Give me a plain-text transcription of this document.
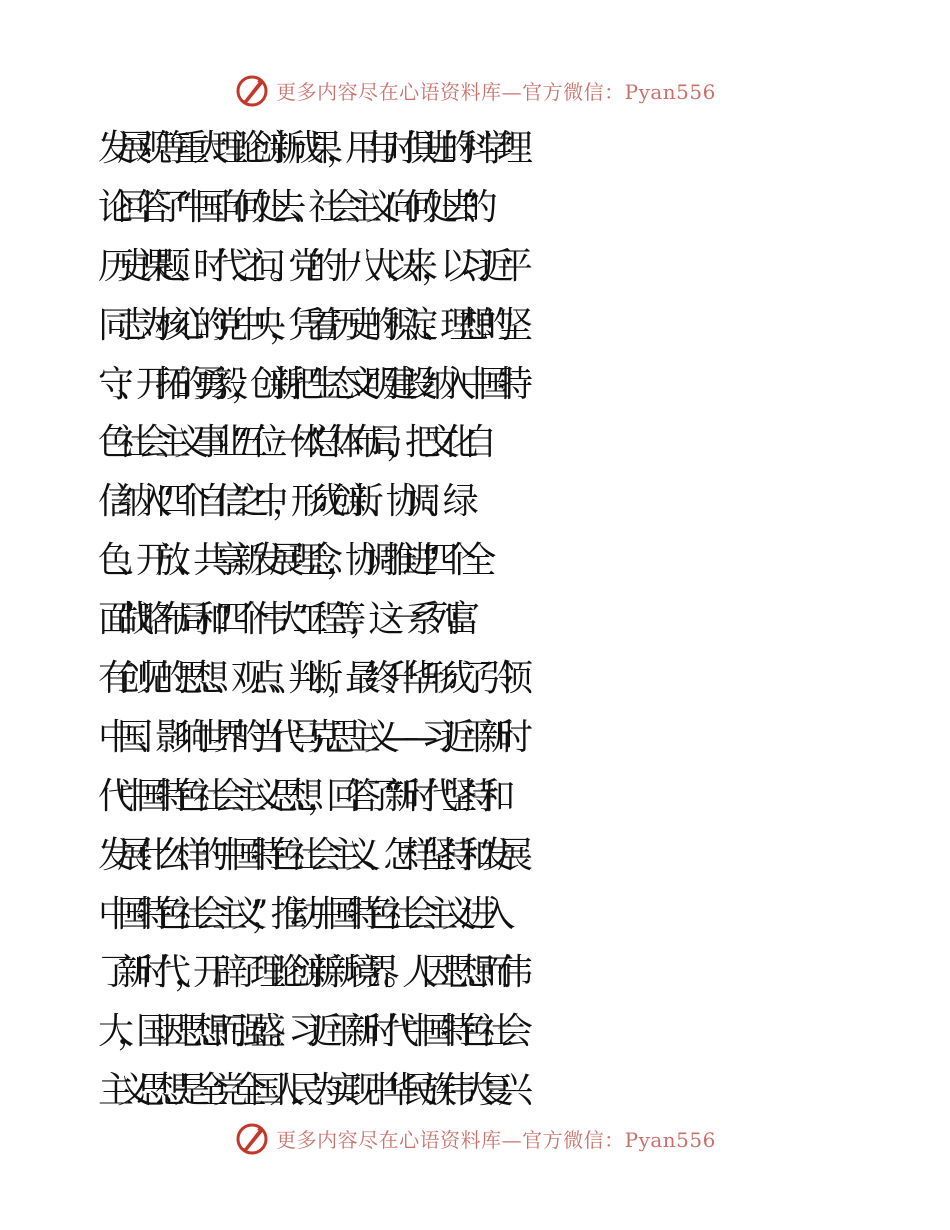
更多内容尽在心语资料库—官方微信：Pyan556
发展观等重大理论创新成果，用与时俱进的科学理
论回答了“中国向何处去、社会主义向何处去”的
历史课题、时代之问。党的十八大以来，以习近平
同志为核心的党中央，凭着历史的积淀、理想的坚
守、开拓的勇毅，创新把生态文明建设纳入中国特
色社会主义事业“五位一体”总体布局，把文化自
信纳入“四个自信”之中，形成创新、协调、绿
色、开放、共享新发展理念，协调推进“四个全
面”战略布局和“四个伟大”工程等，这一系列富
有创见的思想、观点、判断，最终升华形成了引领
中国、影响世界的当代马克思主义——习近平新时
代中国特色社会主义思想，回答了“新时代坚持和
发展什么样的中国特色社会主义、怎样坚持和发展
中国特色社会主义”，推动中国特色社会主义进入
了新时代，开辟了理论创新新境界。人因思想而伟
大，国因思想而强盛。习近平新时代中国特色社会
主义思想是全党全国人民为实现中华民族伟大复兴
更多内容尽在心语资料库—官方微信：Pyan556
